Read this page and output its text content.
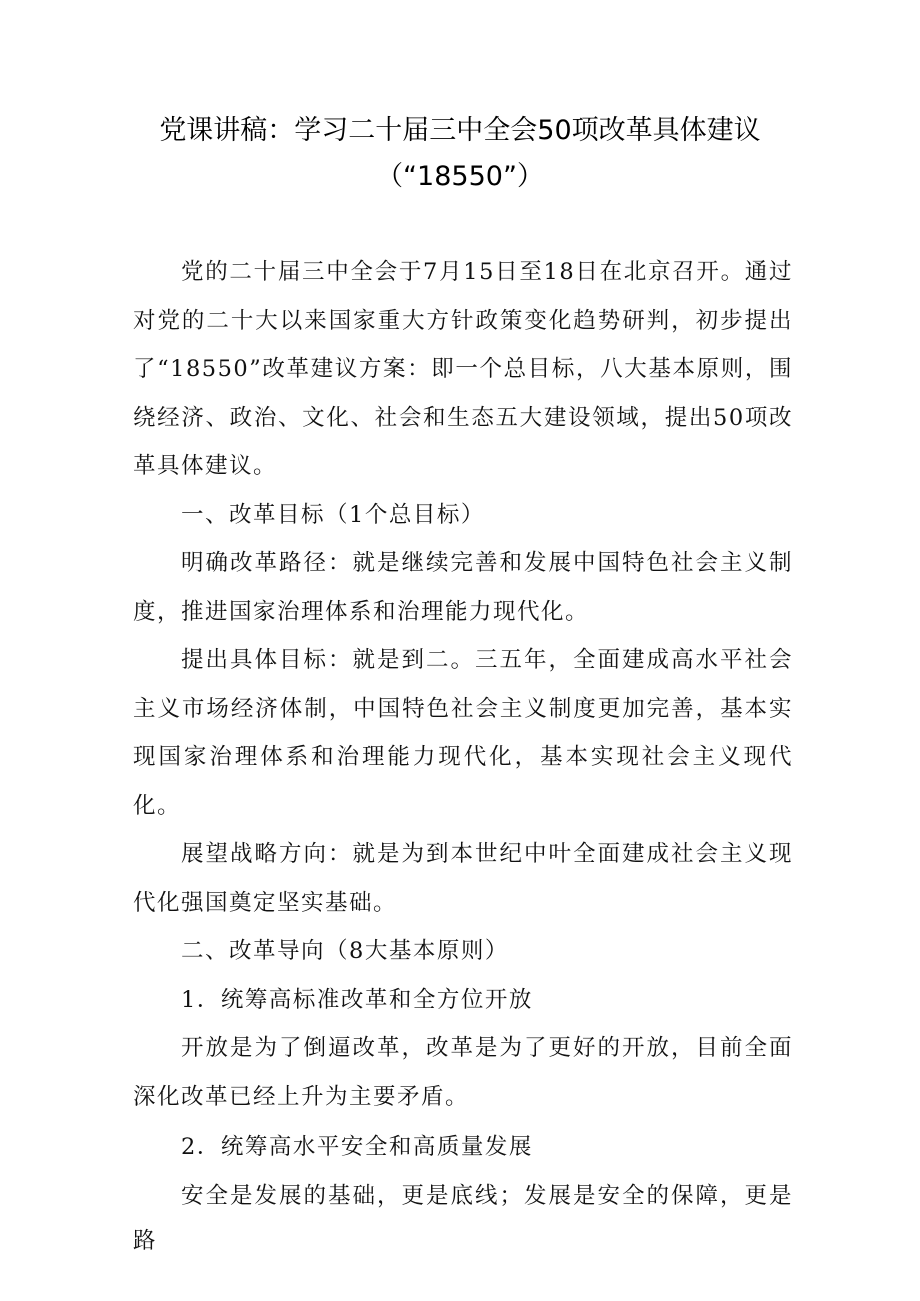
党课讲稿：学习二十届三中全会50项改革具体建议
（“18550”）

党的二十届三中全会于7月15日至18日在北京召开。通过对党的二十大以来国家重大方针政策变化趋势研判，初步提出了“18550”改革建议方案：即一个总目标，八大基本原则，围绕经济、政治、文化、社会和生态五大建设领域，提出50项改革具体建议。

一、改革目标（1个总目标）

明确改革路径：就是继续完善和发展中国特色社会主义制度，推进国家治理体系和治理能力现代化。

提出具体目标：就是到二。三五年，全面建成高水平社会主义市场经济体制，中国特色社会主义制度更加完善，基本实现国家治理体系和治理能力现代化，基本实现社会主义现代化。

展望战略方向：就是为到本世纪中叶全面建成社会主义现代化强国奠定坚实基础。

二、改革导向（8大基本原则）

1．统筹高标准改革和全方位开放

开放是为了倒逼改革，改革是为了更好的开放，目前全面深化改革已经上升为主要矛盾。

2．统筹高水平安全和高质量发展

安全是发展的基础，更是底线；发展是安全的保障，更是路
